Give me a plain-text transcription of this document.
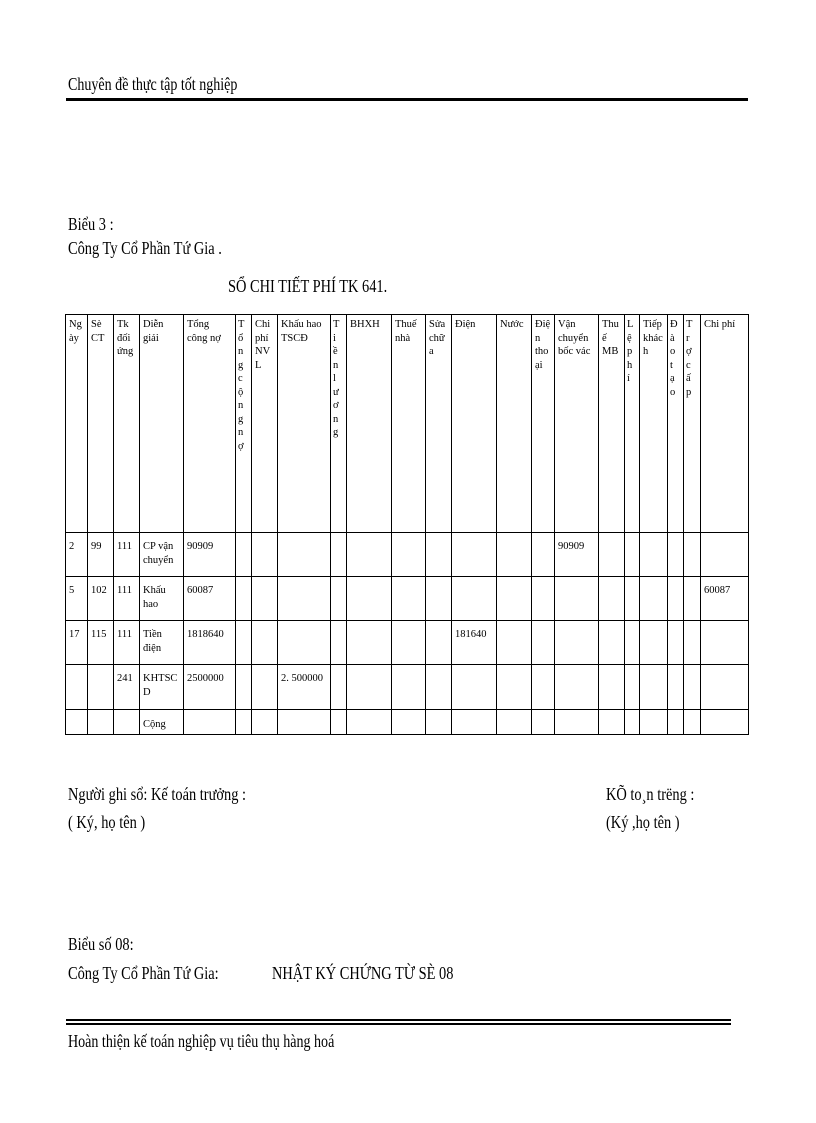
Chuyên đề thực tập tốt nghiệp
Biểu 3 :
Công Ty Cổ Phần Tứ Gia .
SỔ CHI TIẾT PHÍ TK 641.
Ngày	Sè CT	Tk đối ứng	Diễn giải	Tổng công nợ	Tổngcộngnợ	Chi phí NVL	Khấu hao TSCĐ	Tiềnlương	BHXH	Thuế nhà	Sửa chữa	Điện	Nước	Điện thoại	Vận chuyển bốc vác	Thuế MB	Lệphí	Tiếp khách	Đàotạo	Trợcấp	Chi phí
2	99	111	CP vận chuyển	90909											90909						
5	102	111	Khấu hao	60087																	60087
17	115	111	Tiền điện	1818640								181640									
		241	KHTSCD	2500000			2. 500000														
			Cộng																		
Người ghi sổ: Kế toán trưởng :
( Ký, họ tên )
KÕ to¸n trëng :
(Ký ,họ tên )
Biểu số 08:
Công Ty Cổ Phần Tứ Gia:	NHẬT KÝ CHỨNG TỪ SÈ 08
Hoàn thiện kế toán nghiệp vụ tiêu thụ hàng hoá
